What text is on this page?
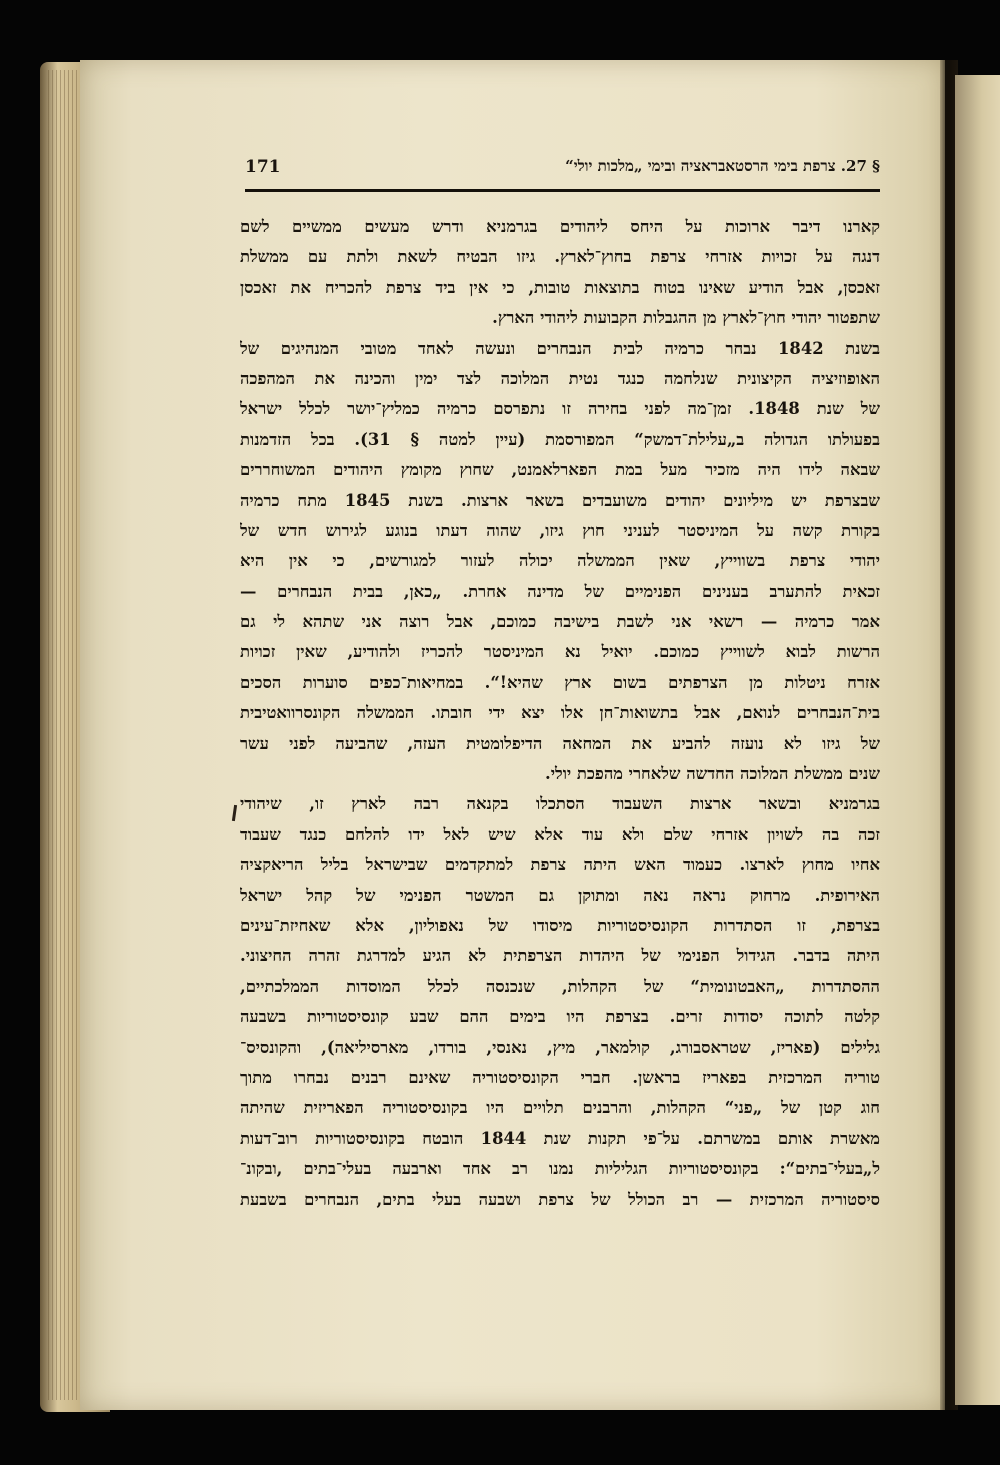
171	§ 27. צרפת בימי הרסטאבראציה ובימי „מלכות יולי“
קארנו דיבר ארוכות על היחס ליהודים בגרמניא ודרש מעשים ממשיים לשם
דנגה על זכויות אזרחי צרפת בחוץ־לארץ. גיזו הבטיח לשאת ולתת עם ממשלת
זאכסן, אבל הודיע שאינו בטוח בתוצאות טובות, כי אין ביד צרפת להכריח את זאכסן
שתפטור יהודי חוץ־לארץ מן ההגבלות הקבועות ליהודי הארץ.
בשנת 1842 נבחר כרמיה לבית הנבחרים ונעשה לאחד מטובי המנהיגים של
האופוזיציה הקיצונית שנלחמה כנגד נטית המלוכה לצד ימין והכינה את המהפכה
של שנת 1848. זמן־מה לפני בחירה זו נתפרסם כרמיה כמליץ־יושר לכלל ישראל
בפעולתו הגדולה ב„עלילת־דמשק“ המפורסמת (עיין למטה § 31). בכל הזדמנות
שבאה לידו היה מזכיר מעל במת הפארלאמנט, שחוץ מקומץ היהודים המשוחררים
שבצרפת יש מיליונים יהודים משועבדים בשאר ארצות. בשנת 1845 מתח כרמיה
בקורת קשה על המיניסטר לעניני חוץ גיזו, שהוה דעתו בנוגע לגירוש חדש של
יהודי צרפת בשווייץ, שאין הממשלה יכולה לעזור למגורשים, כי אין היא
זכאית להתערב בענינים הפנימיים של מדינה אחרת. „כאן, בבית הנבחרים —
אמר כרמיה — רשאי אני לשבת בישיבה כמוכם, אבל רוצה אני שתהא לי גם
הרשות לבוא לשווייץ כמוכם. יואיל נא המיניסטר להכריז ולהודיע, שאין זכויות
אזרח ניטלות מן הצרפתים בשום ארץ שהיא!“. במחיאות־כפים סוערות הסכים
בית־הנבחרים לנואם, אבל בתשואות־חן אלו יצא ידי חובתו. הממשלה הקונסרוואטיבית
של גיזו לא נועזה להביע את המחאה הדיפלומטית העזה, שהביעה לפני עשר
שנים ממשלת המלוכה החדשה שלאחרי מהפכת יולי.
בגרמניא ובשאר ארצות השעבוד הסתכלו בקנאה רבה לארץ זו, שיהודי
זכה בה לשויון אזרחי שלם ולא עוד אלא שיש לאל ידו להלחם כנגד שעבוד
אחיו מחוץ לארצו. כעמוד האש היתה צרפת למתקדמים שבישראל בליל הריאקציה
האירופית. מרחוק נראה נאה ומתוקן גם המשטר הפנימי של קהל ישראל
בצרפת, זו הסתדרות הקונסיסטוריות מיסודו של נאפוליון, אלא שאחיזת־עינים
היתה בדבר. הגידול הפנימי של היהדות הצרפתית לא הגיע למדרגת זהרה החיצוני.
ההסתדרות „האבטונומית“ של הקהלות, שנכנסה לכלל המוסדות הממלכתיים,
קלטה לתוכה יסודות זרים. בצרפת היו בימים ההם שבע קונסיסטוריות בשבעה
גלילים (פאריז, שטראסבורג, קולמאר, מיץ, נאנסי, בורדו, מארסיליאה), והקונסיס־
טוריה המרכזית בפאריז בראשן. חברי הקונסיסטוריה שאינם רבנים נבחרו מתוך
חוג קטן של „פני“ הקהלות, והרבנים תלויים היו בקונסיסטוריה הפאריזית שהיתה
מאשרת אותם במשרתם. על־פי תקנות שנת 1844 הובטח בקונסיסטוריות רוב־דעות
ל„בעלי־בתים“: בקונסיסטוריות הגליליות נמנו רב אחד וארבעה בעלי־בתים ,ובקונ־
סיסטוריה המרכזית — רב הכולל של צרפת ושבעה בעלי בתים, הנבחרים בשבעת
